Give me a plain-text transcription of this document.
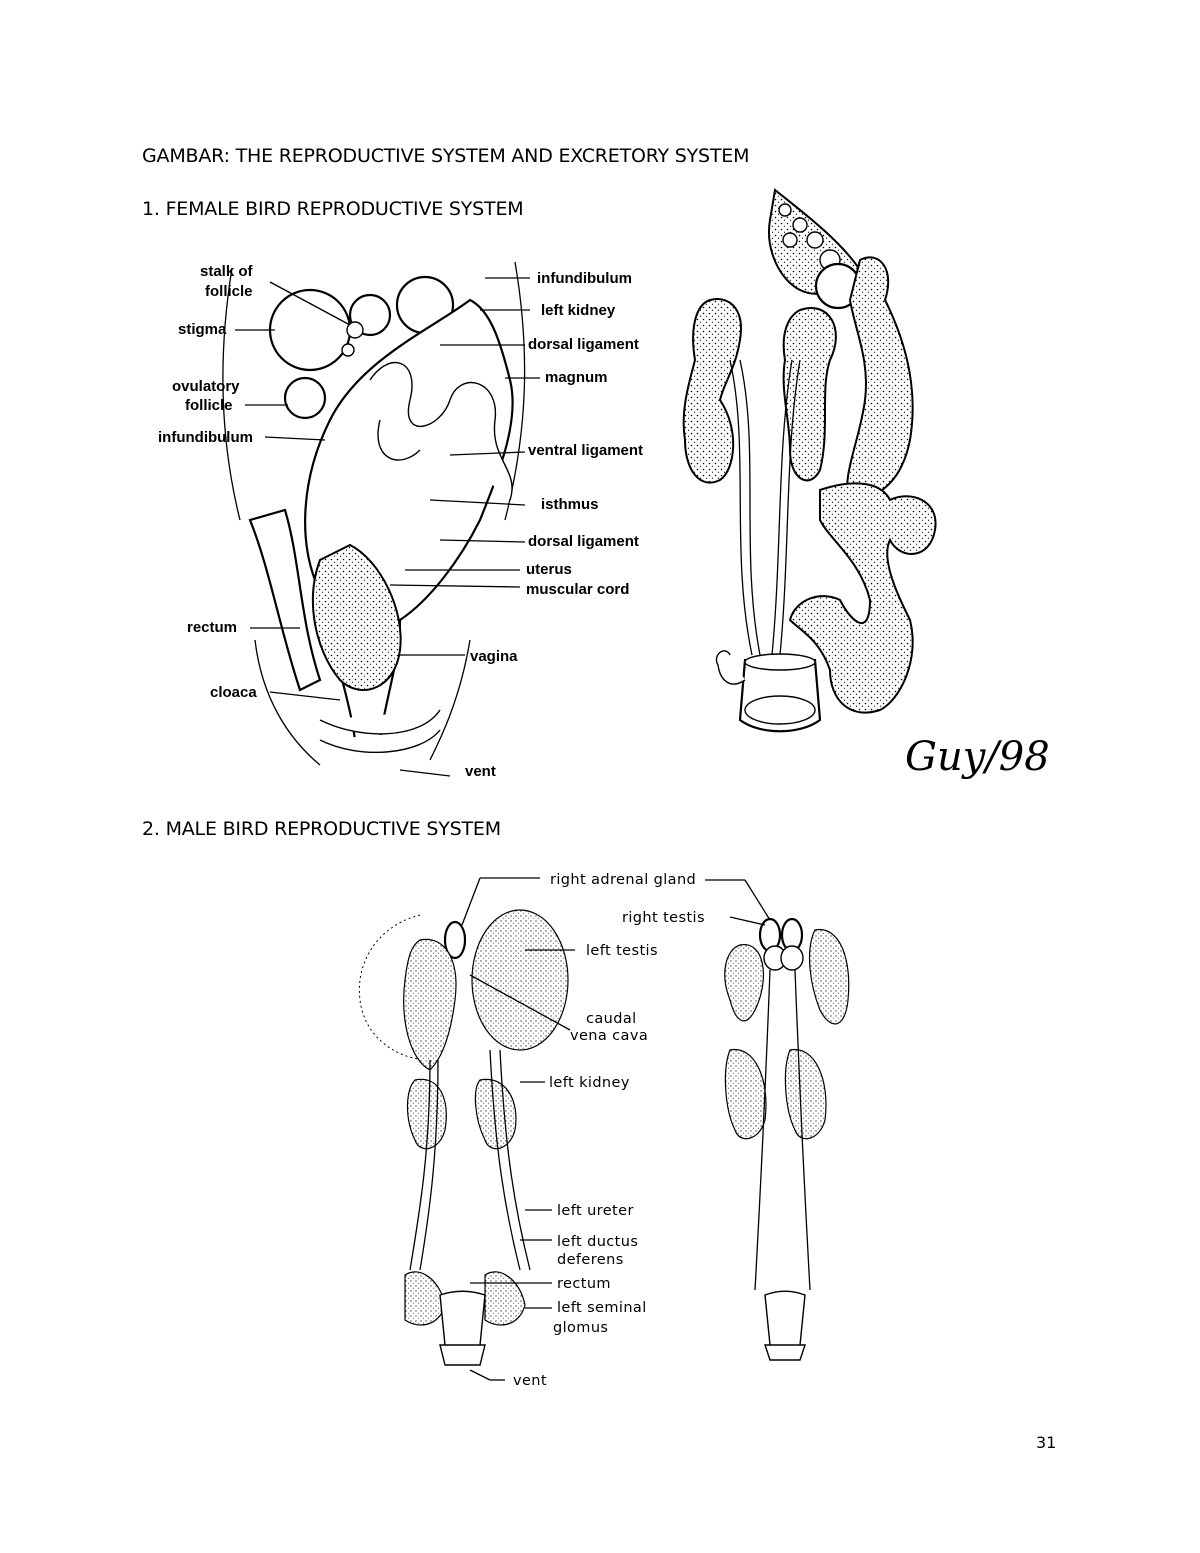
GAMBAR: THE REPRODUCTIVE SYSTEM AND EXCRETORY SYSTEM
1. FEMALE BIRD REPRODUCTIVE SYSTEM
2. MALE BIRD REPRODUCTIVE SYSTEM
stalk of
follicle
stigma
ovulatory
follicle
infundibulum
rectum
cloaca
infundibulum
left kidney
dorsal ligament
magnum
ventral ligament
isthmus
dorsal ligament
uterus
muscular cord
vagina
vent	Guy/98
right adrenal gland
right testis
left testis
caudal
vena cava
left kidney
left ureter
left ductus
deferens
rectum
left seminal
glomus
vent
31
